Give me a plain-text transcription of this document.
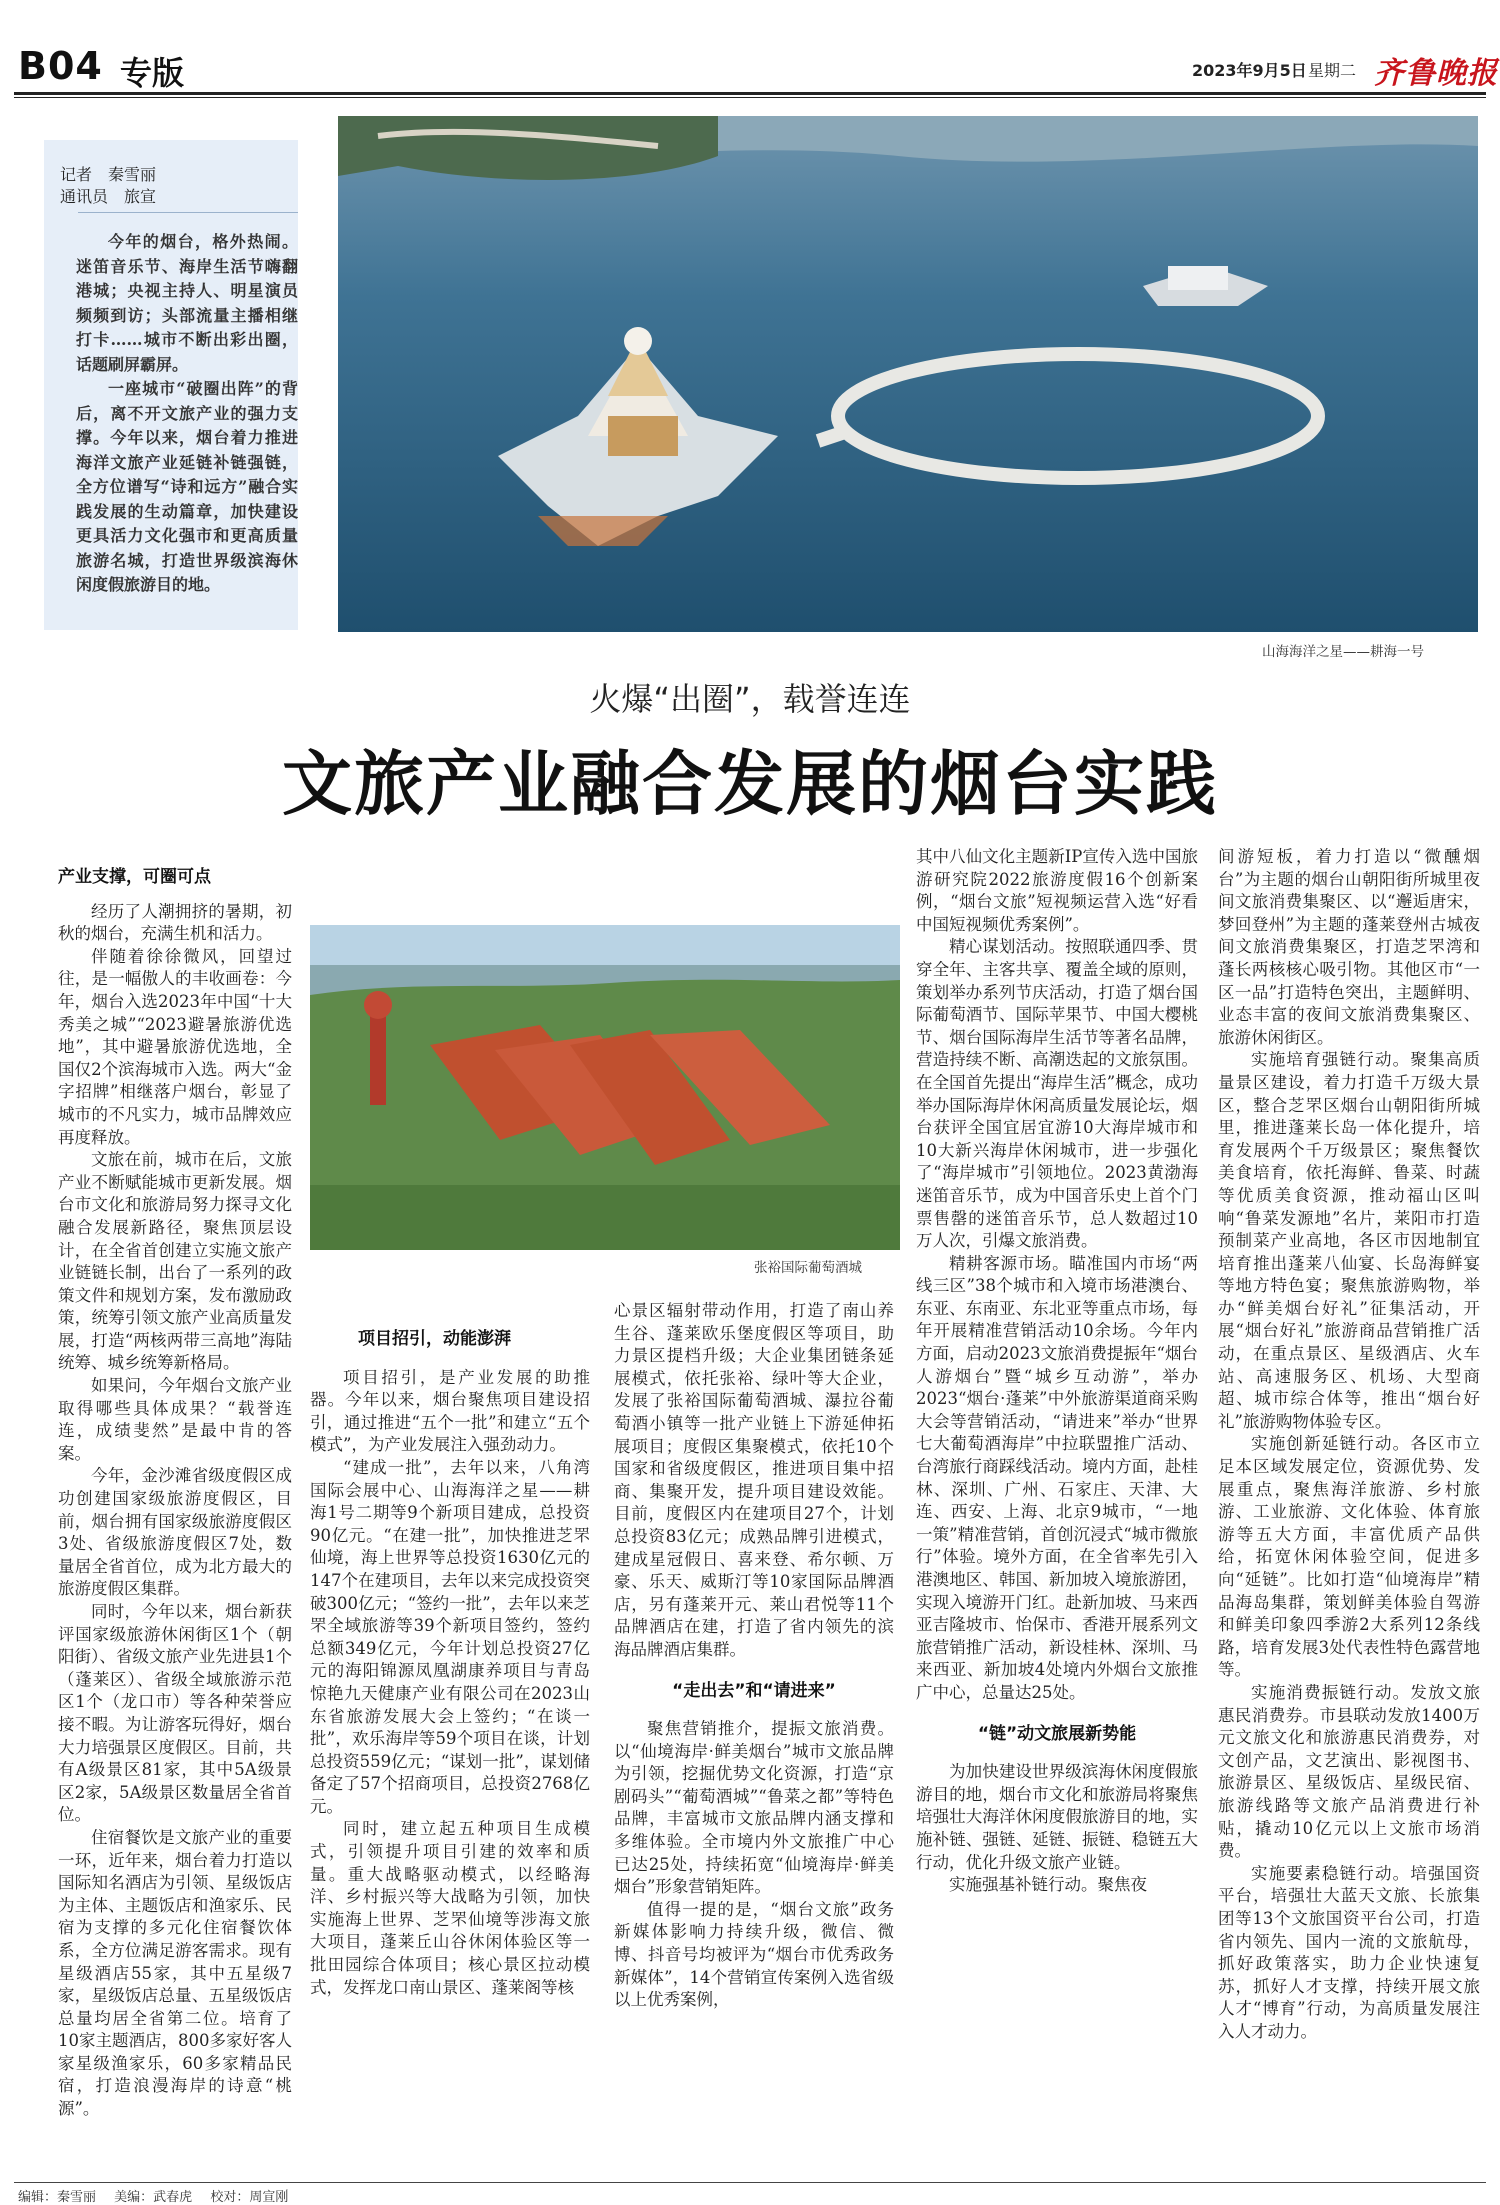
B04 专版	2023年9月5日 星期二 齐鲁晚报
记者　秦雪丽
通讯员　旅宣

今年的烟台，格外热闹。迷笛音乐节、海岸生活节嗨翻港城；央视主持人、明星演员频频到访；头部流量主播相继打卡……城市不断出彩出圈，话题刷屏霸屏。

一座城市“破圈出阵”的背后，离不开文旅产业的强力支撑。今年以来，烟台着力推进海洋文旅产业延链补链强链，全方位谱写“诗和远方”融合实践发展的生动篇章，加快建设更具活力文化强市和更高质量旅游名城，打造世界级滨海休闲度假旅游目的地。

山海海洋之星——耕海一号
火爆“出圈”，载誉连连
文旅产业融合发展的烟台实践
张裕国际葡萄酒城
产业支撑，可圈可点

经历了人潮拥挤的暑期，初秋的烟台，充满生机和活力。

伴随着徐徐微风，回望过往，是一幅傲人的丰收画卷：今年，烟台入选2023年中国“十大秀美之城”“2023避暑旅游优选地”，其中避暑旅游优选地，全国仅2个滨海城市入选。两大“金字招牌”相继落户烟台，彰显了城市的不凡实力，城市品牌效应再度释放。

文旅在前，城市在后，文旅产业不断赋能城市更新发展。烟台市文化和旅游局努力探寻文化融合发展新路径，聚焦顶层设计，在全省首创建立实施文旅产业链链长制，出台了一系列的政策文件和规划方案，发布激励政策，统筹引领文旅产业高质量发展，打造“两核两带三高地”海陆统筹、城乡统筹新格局。

如果问，今年烟台文旅产业取得哪些具体成果？“载誉连连，成绩斐然”是最中肯的答案。

今年，金沙滩省级度假区成功创建国家级旅游度假区，目前，烟台拥有国家级旅游度假区3处、省级旅游度假区7处，数量居全省首位，成为北方最大的旅游度假区集群。

同时，今年以来，烟台新获评国家级旅游休闲街区1个（朝阳街）、省级文旅产业先进县1个（蓬莱区）、省级全域旅游示范区1个（龙口市）等各种荣誉应接不暇。为让游客玩得好，烟台大力培强景区度假区。目前，共有A级景区81家，其中5A级景区2家，5A级景区数量居全省首位。

住宿餐饮是文旅产业的重要一环，近年来，烟台着力打造以国际知名酒店为引领、星级饭店为主体、主题饭店和渔家乐、民宿为支撑的多元化住宿餐饮体系，全方位满足游客需求。现有星级酒店55家，其中五星级7家，星级饭店总量、五星级饭店总量均居全省第二位。培育了10家主题酒店，800多家好客人家星级渔家乐，60多家精品民宿，打造浪漫海岸的诗意“桃源”。

项目招引，动能澎湃

项目招引，是产业发展的助推器。今年以来，烟台聚焦项目建设招引，通过推进“五个一批”和建立“五个模式”，为产业发展注入强劲动力。

“建成一批”，去年以来，八角湾国际会展中心、山海海洋之星——耕海1号二期等9个新项目建成，总投资90亿元。“在建一批”，加快推进芝罘仙境，海上世界等总投资1630亿元的147个在建项目，去年以来完成投资突破300亿元；“签约一批”，去年以来芝罘全域旅游等39个新项目签约，签约总额349亿元，今年计划总投资27亿元的海阳锦源凤凰湖康养项目与青岛惊艳九天健康产业有限公司在2023山东省旅游发展大会上签约；“在谈一批”，欢乐海岸等59个项目在谈，计划总投资559亿元；“谋划一批”，谋划储备定了57个招商项目，总投资2768亿元。

同时，建立起五种项目生成模式，引领提升项目引建的效率和质量。重大战略驱动模式，以经略海洋、乡村振兴等大战略为引领，加快实施海上世界、芝罘仙境等涉海文旅大项目，蓬莱丘山谷休闲体验区等一批田园综合体项目；核心景区拉动模式，发挥龙口南山景区、蓬莱阁等核

心景区辐射带动作用，打造了南山养生谷、蓬莱欧乐堡度假区等项目，助力景区提档升级；大企业集团链条延展模式，依托张裕、绿叶等大企业，发展了张裕国际葡萄酒城、瀑拉谷葡萄酒小镇等一批产业链上下游延伸拓展项目；度假区集聚模式，依托10个国家和省级度假区，推进项目集中招商、集聚开发，提升项目建设效能。目前，度假区内在建项目27个，计划总投资83亿元；成熟品牌引进模式，建成星冠假日、喜来登、希尔顿、万豪、乐天、威斯汀等10家国际品牌酒店，另有蓬莱开元、莱山君悦等11个品牌酒店在建，打造了省内领先的滨海品牌酒店集群。

“走出去”和“请进来”

聚焦营销推介，提振文旅消费。以“仙境海岸·鲜美烟台”城市文旅品牌为引领，挖掘优势文化资源，打造“京剧码头”“葡萄酒城”“鲁菜之都”等特色品牌，丰富城市文旅品牌内涵支撑和多维体验。全市境内外文旅推广中心已达25处，持续拓宽“仙境海岸·鲜美烟台”形象营销矩阵。

值得一提的是，“烟台文旅”政务新媒体影响力持续升级，微信、微博、抖音号均被评为“烟台市优秀政务新媒体”，14个营销宣传案例入选省级以上优秀案例，

其中八仙文化主题新IP宣传入选中国旅游研究院2022旅游度假16个创新案例，“烟台文旅”短视频运营入选“好看中国短视频优秀案例”。

精心谋划活动。按照联通四季、贯穿全年、主客共享、覆盖全域的原则，策划举办系列节庆活动，打造了烟台国际葡萄酒节、国际苹果节、中国大樱桃节、烟台国际海岸生活节等著名品牌，营造持续不断、高潮迭起的文旅氛围。在全国首先提出“海岸生活”概念，成功举办国际海岸休闲高质量发展论坛，烟台获评全国宜居宜游10大海岸城市和10大新兴海岸休闲城市，进一步强化了“海岸城市”引领地位。2023黄渤海迷笛音乐节，成为中国音乐史上首个门票售罄的迷笛音乐节，总人数超过10万人次，引爆文旅消费。

精耕客源市场。瞄准国内市场“两线三区”38个城市和入境市场港澳台、东亚、东南亚、东北亚等重点市场，每年开展精准营销活动10余场。今年内方面，启动2023文旅消费提振年“烟台人游烟台”暨“城乡互动游”，举办2023“烟台·蓬莱”中外旅游渠道商采购大会等营销活动，“请进来”举办“世界七大葡萄酒海岸”中拉联盟推广活动、台湾旅行商踩线活动。境内方面，赴桂林、深圳、广州、石家庄、天津、大连、西安、上海、北京9城市，“一地一策”精准营销，首创沉浸式“城市微旅行”体验。境外方面，在全省率先引入港澳地区、韩国、新加坡入境旅游团，实现入境游开门红。赴新加坡、马来西亚吉隆坡市、怡保市、香港开展系列文旅营销推广活动，新设桂林、深圳、马来西亚、新加坡4处境内外烟台文旅推广中心，总量达25处。

“链”动文旅展新势能

为加快建设世界级滨海休闲度假旅游目的地，烟台市文化和旅游局将聚焦培强壮大海洋休闲度假旅游目的地，实施补链、强链、延链、振链、稳链五大行动，优化升级文旅产业链。

实施强基补链行动。聚焦夜

间游短板，着力打造以“微醺烟台”为主题的烟台山朝阳街所城里夜间文旅消费集聚区、以“邂逅唐宋，梦回登州”为主题的蓬莱登州古城夜间文旅消费集聚区，打造芝罘湾和蓬长两核核心吸引物。其他区市“一区一品”打造特色突出，主题鲜明、业态丰富的夜间文旅消费集聚区、旅游休闲街区。

实施培育强链行动。聚集高质量景区建设，着力打造千万级大景区，整合芝罘区烟台山朝阳街所城里，推进蓬莱长岛一体化提升，培育发展两个千万级景区；聚焦餐饮美食培育，依托海鲜、鲁菜、时蔬等优质美食资源，推动福山区叫响“鲁菜发源地”名片，莱阳市打造预制菜产业高地，各区市因地制宜培育推出蓬莱八仙宴、长岛海鲜宴等地方特色宴；聚焦旅游购物，举办“鲜美烟台好礼”征集活动，开展“烟台好礼”旅游商品营销推广活动，在重点景区、星级酒店、火车站、高速服务区、机场、大型商超、城市综合体等，推出“烟台好礼”旅游购物体验专区。

实施创新延链行动。各区市立足本区域发展定位，资源优势、发展重点，聚焦海洋旅游、乡村旅游、工业旅游、文化体验、体育旅游等五大方面，丰富优质产品供给，拓宽休闲体验空间，促进多向“延链”。比如打造“仙境海岸”精品海岛集群，策划鲜美体验自驾游和鲜美印象四季游2大系列12条线路，培育发展3处代表性特色露营地等。

实施消费振链行动。发放文旅惠民消费券。市县联动发放1400万元文旅文化和旅游惠民消费券，对文创产品，文艺演出、影视图书、旅游景区、星级饭店、星级民宿、旅游线路等文旅产品消费进行补贴，撬动10亿元以上文旅市场消费。

实施要素稳链行动。培强国资平台，培强壮大蓝天文旅、长旅集团等13个文旅国资平台公司，打造省内领先、国内一流的文旅航母，抓好政策落实，助力企业快速复苏，抓好人才支撑，持续开展文旅人才“博育”行动，为高质量发展注入人才动力。

编辑：秦雪丽 美编：武春虎 校对：周宣刚
